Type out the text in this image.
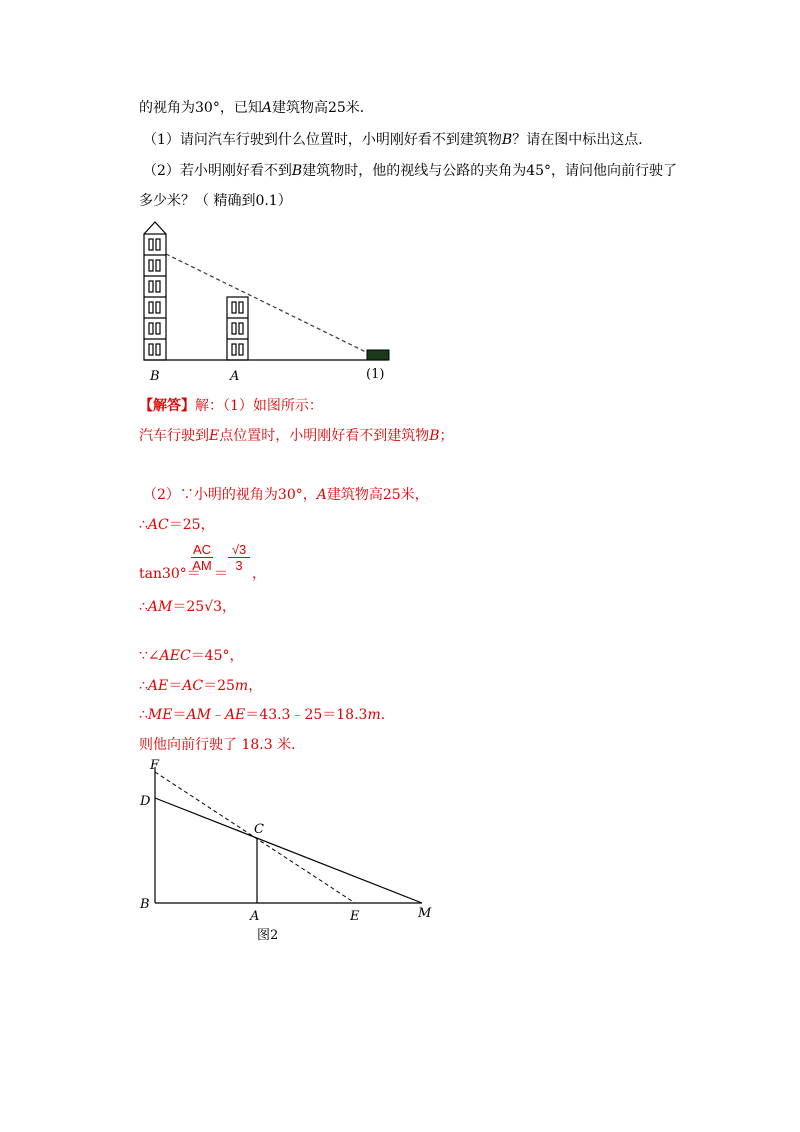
的视角为30°，已知A建筑物高25米．
（1）请问汽车行驶到什么位置时，小明刚好看不到建筑物B？请在图中标出这点．
（2）若小明刚好看不到B建筑物时，他的视线与公路的夹角为45°，请问他向前行驶了
多少米？（ 精确到0.1）
B	A	(1)
【解答】解：（1）如图所示：
汽车行驶到E点位置时，小明刚好看不到建筑物B；
（2）∵小明的视角为30°，A建筑物高25米，
∴AC＝25，
tan30°＝
$\frac{AC}{AM}$
＝
$\frac{√3}{3}$
，
∴AM＝25√3，
∵∠AEC＝45°，
∴AE＝AC＝25m，
∴ME＝AM﹣AE＝43.3﹣25＝18.3m．
则他向前行驶了 18.3 米．
F
D
C
B
A	E	M
图2
